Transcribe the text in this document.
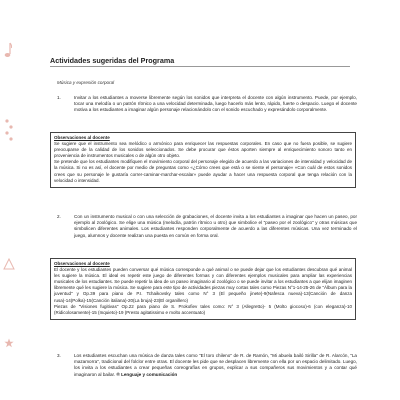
Actividades sugeridas del Programa
Música y expresión corporal
1.	Invitar a los estudiantes a moverse libremente según los sonidos que interpreta el docente con algún instrumento. Puede, por ejemplo, tocar una melodía o un patrón rítmico a una velocidad determinada, luego hacerlo más lento, rápido, fuerte o despacio. Luego el docente motiva a los estudiantes a imaginar algún personaje relacionándolo con el sonido escuchado y expresándolo corporalmente.
Observaciones al docente

Se sugiere que el instrumento sea melódico o armónico para enriquecer las respuestas corporales. En caso que no fuera posible, se sugiere preocuparse de la calidad de los sonidos seleccionados. Se debe procurar que éstos aporten siempre al enriquecimiento sonoro tanto en proveniencia de instrumentos musicales o de algún otro objeto.

Se pretende que los estudiantes modifiquen el movimiento corporal del personaje elegido de acuerdo a las variaciones de intensidad y velocidad de la música. Si no es así, el docente por medio de preguntas como «¿Cómo crees que está o se siente el personaje» «Con cuál de estos sonidos crees que su personaje le gustaría correr-caminar-marchar-escalar» puede ayudar a hacer una respuesta corporal que tenga relación con la velocidad o intensidad.

2.	Con un instrumento musical o con una selección de grabaciones, el docente invita a los estudiantes a imaginar que hacen un paseo, por ejemplo al zoológico. Se elige una música (melodía, patrón rítmico u otro) que simbolice el "paseo por el zoológico" y otras músicas que simbolicen diferentes animales. Los estudiantes responden corporalmente de acuerdo a las diferentes músicas. Una vez terminado el juego, alumnos y docente realizan una puesta en común en forma oral.
Observaciones al docente

El docente y los estudiantes pueden conversar qué música corresponde a qué animal o se puede dejar que los estudiantes descubran qué animal les sugiere la música. El ideal es repetir este juego de diferentes formas y con diferentes ejemplos musicales para ampliar las experiencias musicales de los estudiantes. Se puede repetir la idea de un paseo imaginario al zoológico o se puede invitar a los estudiantes a que elijan imaginen libremente qué les sugiere la música. Se sugiere para este tipo de actividades piezas muy cortas tales como Piezas N°1-14-25-26 de "Álbum para la juventud" y Op.39 para piano de P.I. Tchaikovsky tales como N° 3 (El pequeño jinete)-9(Nafesca nueva)-13(Canción de danza rusa)-14(Polka)-15(Canción italiana)-20(La bruja)-23(El organillero)

Piezas de "Visiones fugitivas" Op.22 para piano de S. Prokofiev tales como: N° 3 (Allegretto)- 5 (Molto giocoso)-6 (con eleganza)-10 (Ridicolosamente)-15 (Inquieto)-19 (Presto agitatissimo e molto accentuato)

3.	Los estudiantes escuchan una música de danza tales como "El toro chileno" de R. de Ramón, "Mi abuela bailó Sirilla" de R. Alarcón, "La mazamorra", tradicional del folclor entre otras. El docente les pide que se desplacen libremente con ella por un espacio delimitado. Luego, los invita a los estudiantes a crear pequeñas coreografías en grupos, explicar a sus compañeros sus movimientos y a contar qué imaginaron al bailar. ® Lenguaje y comunicación
